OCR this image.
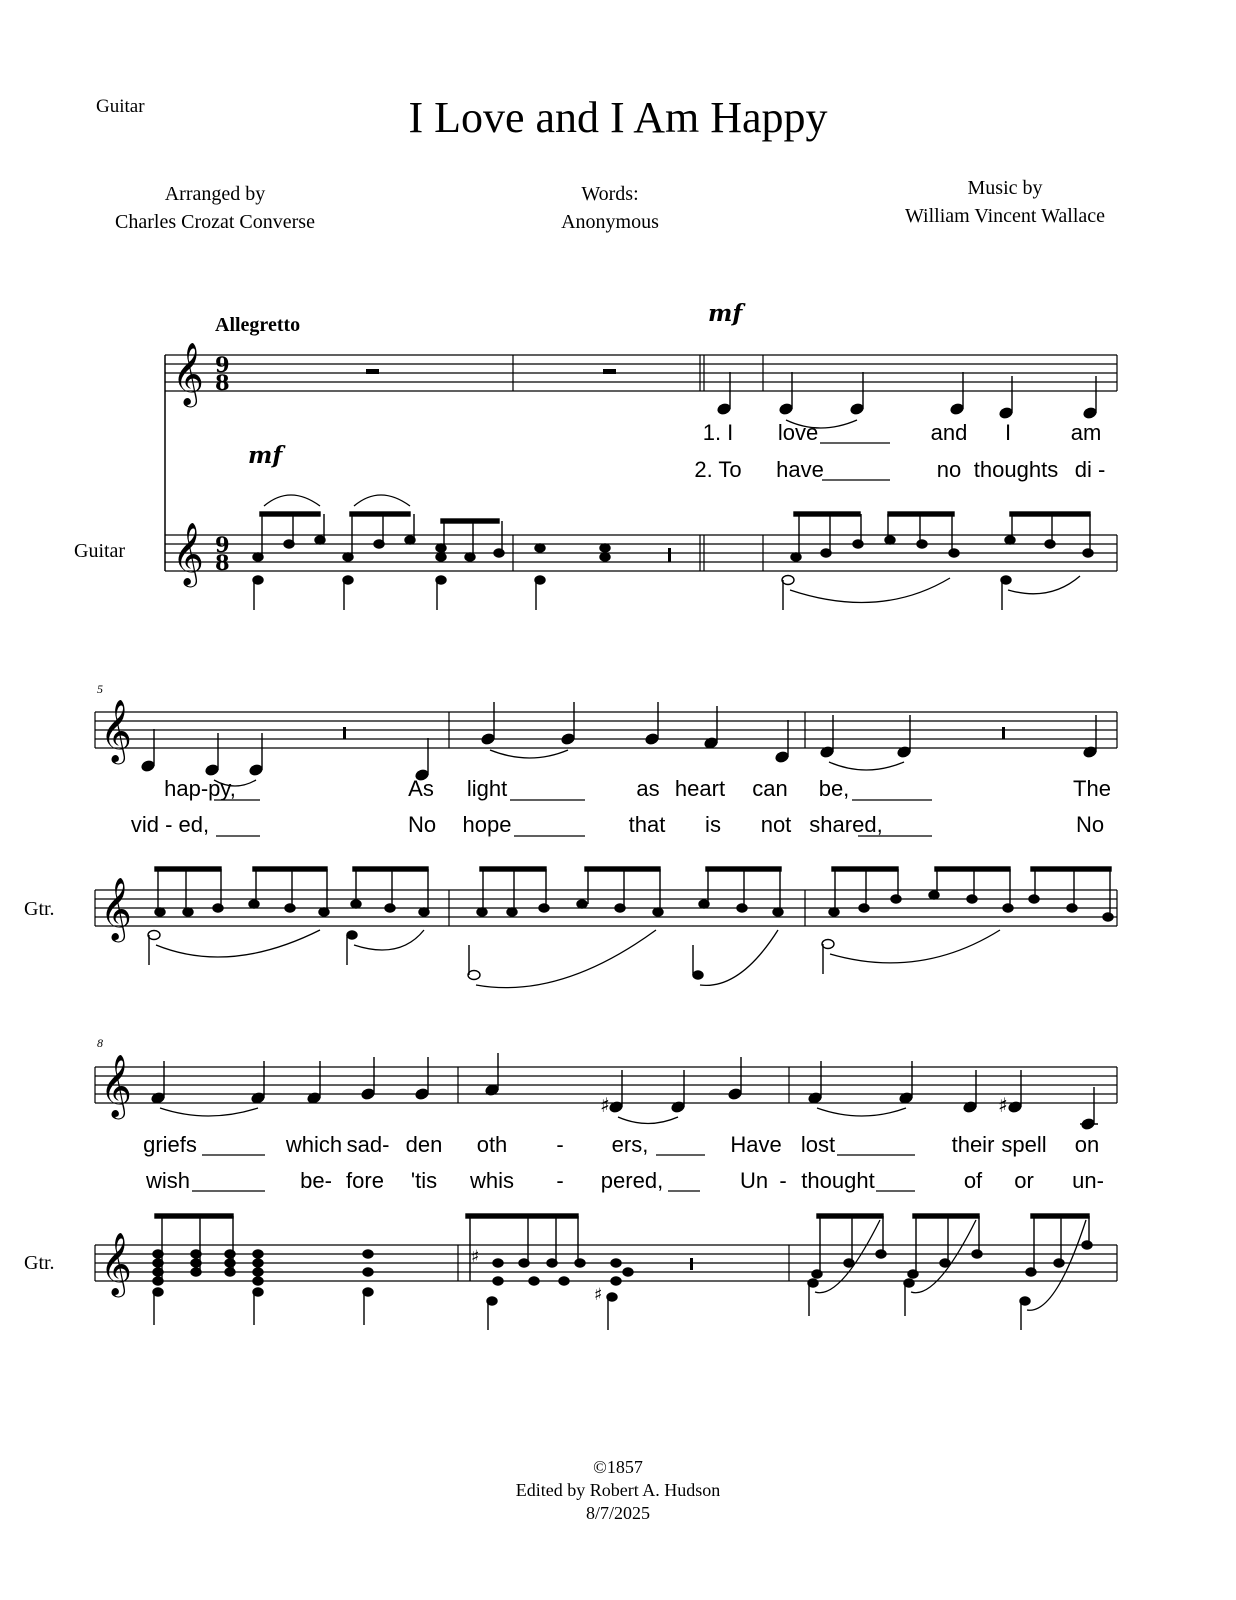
Guitar	I Love and I Am Happy
Arranged by
Charles Crozat Converse
Words:
Anonymous
Music by
William Vincent Wallace
Allegretto	mf
mf
Guitar
Gtr.
Gtr.
5
8
𝄞
𝄞
9
8
9
8
1. I love	and I	am
2. To have	no thoughts di -
𝄞
𝄞
hap-py,	As light	as heart can be,	The
vid - ed,	No hope	that is not shared,	No
𝄞
𝄞
♯	♯
♯
♯
griefs	which sad- den oth - ers,	Have lost	their spell on
wish	be- fore 'tis whis - pered,	Un - thought	of or un-
©1857
Edited by Robert A. Hudson
8/7/2025
